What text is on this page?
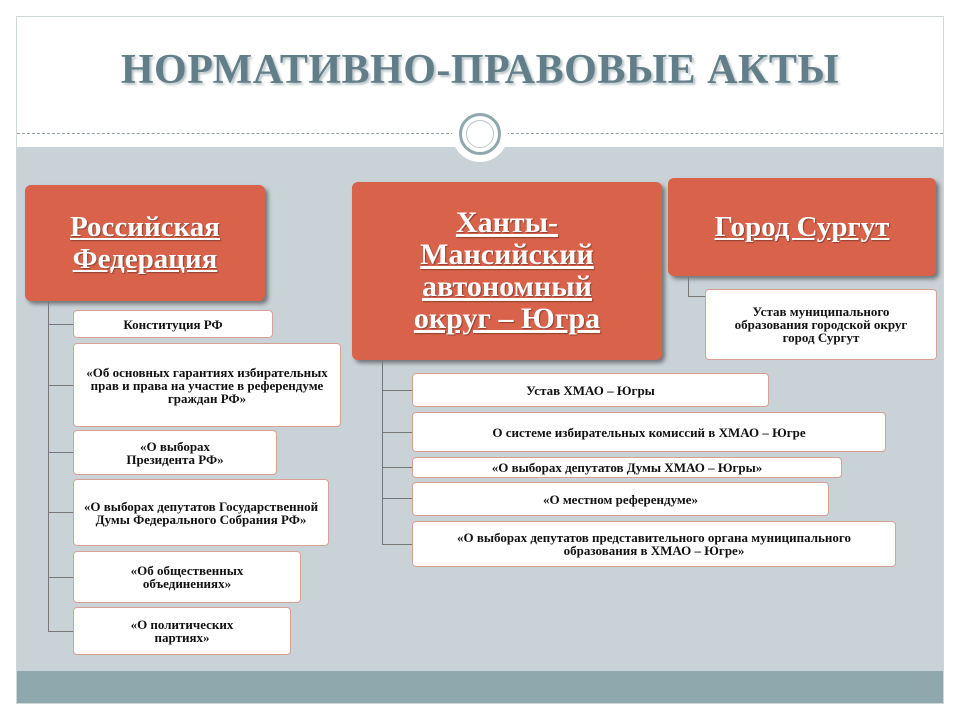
НОРМАТИВНО-ПРАВОВЫЕ АКТЫ
Российская Федерация
Конституция РФ
«Об основных гарантиях избирательных прав и права на участие в референдуме граждан РФ»
«О выборах Президента РФ»
«О выборах депутатов Государственной Думы Федерального Собрания РФ»
«Об общественных объединениях»
«О политических партиях»
Ханты-Мансийский автономный округ – Югра
Устав ХМАО – Югры
О системе избирательных комиссий в ХМАО – Югре
«О выборах депутатов Думы ХМАО – Югры»
«О местном референдуме»
«О выборах депутатов представительного органа муниципального образования в ХМАО – Югре»
Город Сургут
Устав муниципального образования городской округ город Сургут
